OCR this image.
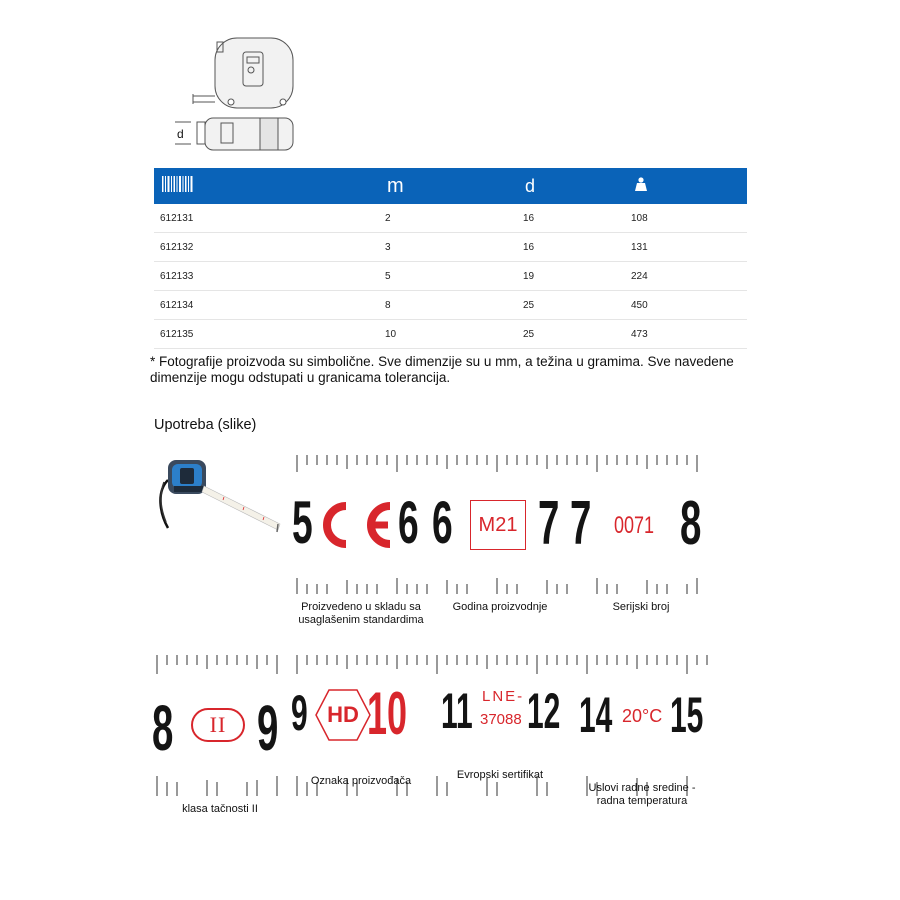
d
	m	d	
612131	2	16	108
612132	3	16	131
612133	5	19	224
612134	8	25	450
612135	10	25	473
* Fotografije proizvoda su simbolične. Sve dimenzije su u mm, a težina u gramima. Sve navedene dimenzije mogu odstupati u granicama tolerancija.
Upotreba (slike)
5 6 6	M21 7 7 0071 8
Proizvedeno u skladu sa usaglašenim standardima
Godina proizvodnje	Serijski broj
8	II 9 9 HD 10 11 LNE-
37088 12 14 20°C 15
Oznaka proizvođača	Evropski sertifikat
Uslovi radne sredine - radna temperatura
klasa tačnosti II
